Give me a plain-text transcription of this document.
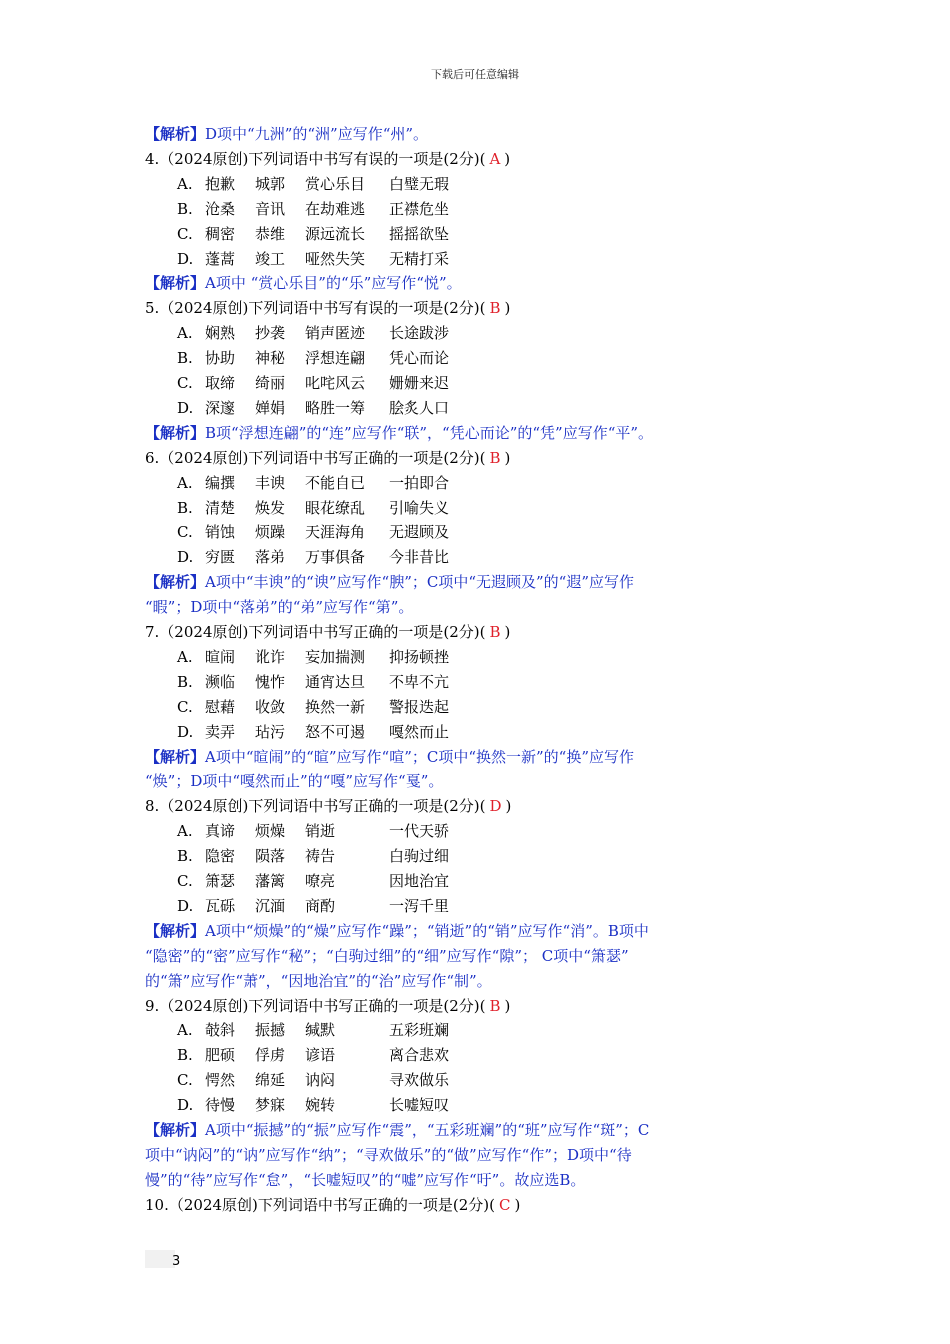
下载后可任意编辑
【解析】D项中“九洲”的“洲”应写作“州”。
4.（2024原创)下列词语中书写有误的一项是(2分)( A )
A. 抱歉 城郭 赏心乐目 白璧无瑕
B. 沧桑 音讯 在劫难逃 正襟危坐
C. 稠密 恭维 源远流长 摇摇欲坠
D. 蓬蒿 竣工 哑然失笑 无精打采
【解析】A项中 “赏心乐目”的“乐”应写作“悦”。
5.（2024原创)下列词语中书写有误的一项是(2分)( B )
A. 娴熟 抄袭 销声匿迹 长途跋涉
B. 协助 神秘 浮想连翩 凭心而论
C. 取缔 绮丽 叱咤风云 姗姗来迟
D. 深邃 婵娟 略胜一筹 脍炙人口
【解析】B项“浮想连翩”的“连”应写作“联”，“凭心而论”的“凭”应写作“平”。
6.（2024原创)下列词语中书写正确的一项是(2分)( B )
A. 编撰 丰谀 不能自已 一拍即合
B. 清楚 焕发 眼花缭乱 引喻失义
C. 销蚀 烦躁 天涯海角 无遐顾及
D. 穷匮 落弟 万事俱备 今非昔比
【解析】A项中“丰谀”的“谀”应写作“腴”；C项中“无遐顾及”的“遐”应写作
“暇”；D项中“落弟”的“弟”应写作“第”。
7.（2024原创)下列词语中书写正确的一项是(2分)( B )
A. 暄闹 讹诈 妄加揣测 抑扬顿挫
B. 濒临 愧怍 通宵达旦 不卑不亢
C. 慰藉 收敛 换然一新 警报迭起
D. 卖弄 玷污 怒不可遏 嘎然而止
【解析】A项中“暄闹”的“暄”应写作“喧”；C项中“换然一新”的“换”应写作
“焕”；D项中“嘎然而止”的“嘎”应写作“戛”。
8.（2024原创)下列词语中书写正确的一项是(2分)( D )
A. 真谛 烦燥 销逝	一代天骄
B. 隐密 陨落 祷告	白驹过细
C. 箫瑟 藩篱 嘹亮	因地治宜
D. 瓦砾 沉湎 商酌	一泻千里
【解析】A项中“烦燥”的“燥”应写作“躁”；“销逝”的“销”应写作“消”。B项中
“隐密”的“密”应写作“秘”；“白驹过细”的“细”应写作“隙”； C项中“箫瑟”
的“箫”应写作“萧”，“因地治宜”的“治”应写作“制”。
9.（2024原创)下列词语中书写正确的一项是(2分)( B )
A. 攲斜 振撼 缄默	五彩班斓
B. 肥硕 俘虏 谚语	离合悲欢
C. 愕然 绵延 讷闷	寻欢做乐
D. 待慢 梦寐 婉转	长嘘短叹
【解析】A项中“振撼”的“振”应写作“震”，“五彩班斓”的“班”应写作“斑”；C
项中“讷闷”的“讷”应写作“纳”；“寻欢做乐”的“做”应写作“作”；D项中“待
慢”的“待”应写作“怠”，“长嘘短叹”的“嘘”应写作“吁”。故应选B。
10.（2024原创)下列词语中书写正确的一项是(2分)( C )
3
